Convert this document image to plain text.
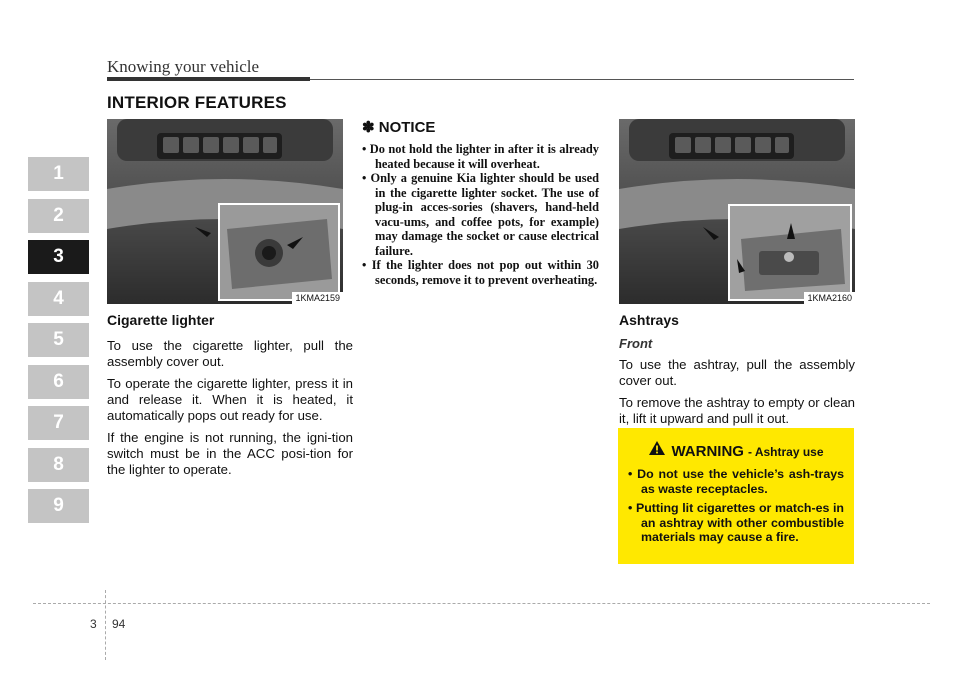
Knowing your vehicle
INTERIOR FEATURES
1
2
3
4
5
6
7
8
9
1KMA2159	1KMA2160
Cigarette lighter

To use the cigarette lighter, pull the assembly cover out.

To operate the cigarette lighter, press it in and release it. When it is heated, it automatically pops out ready for use.

If the engine is not running, the igni-tion switch must be in the ACC posi-tion for the lighter to operate.

✽ NOTICE
• Do not hold the lighter in after it is already heated because it will overheat.
• Only a genuine Kia lighter should be used in the cigarette lighter socket. The use of plug-in acces-sories (shavers, hand-held vacu-ums, and coffee pots, for example) may damage the socket or cause electrical failure.
• If the lighter does not pop out within 30 seconds, remove it to prevent overheating.
Ashtrays
Front

To use the ashtray, pull the assembly cover out.

To remove the ashtray to empty or clean it, lift it upward and pull it out.

WARNING - Ashtray use

• Do not use the vehicle’s ash-trays as waste receptacles.

• Putting lit cigarettes or match-es in an ashtray with other combustible materials may cause a fire.

3 94
